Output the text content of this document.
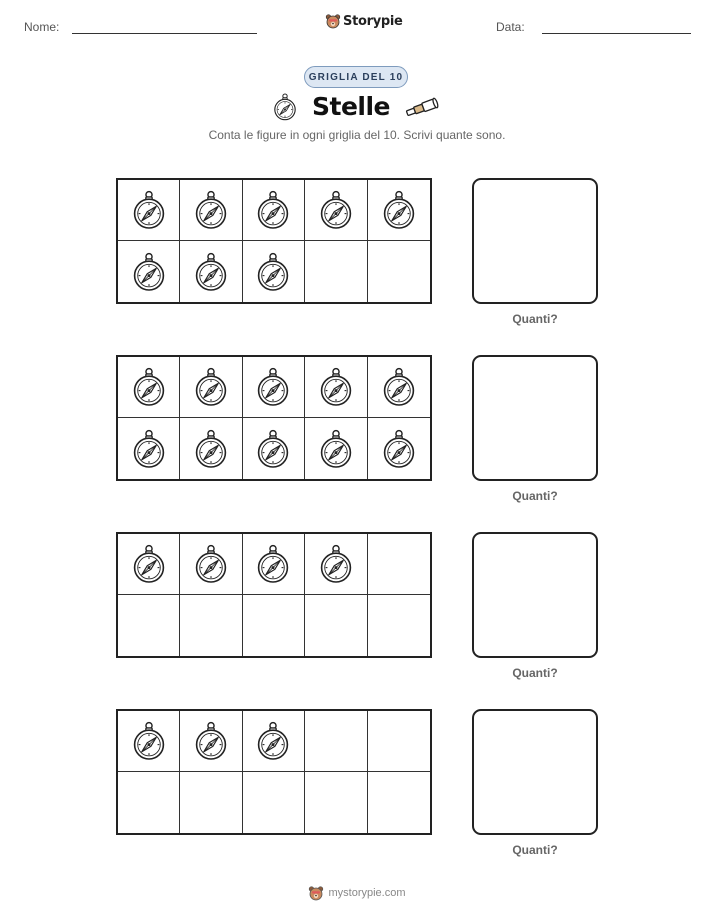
Nome:	Storypie	Data:
GRIGLIA DEL 10
Stelle
Conta le figure in ogni griglia del 10. Scrivi quante sono.
Quanti?
Quanti?
Quanti?
Quanti?
mystorypie.com
